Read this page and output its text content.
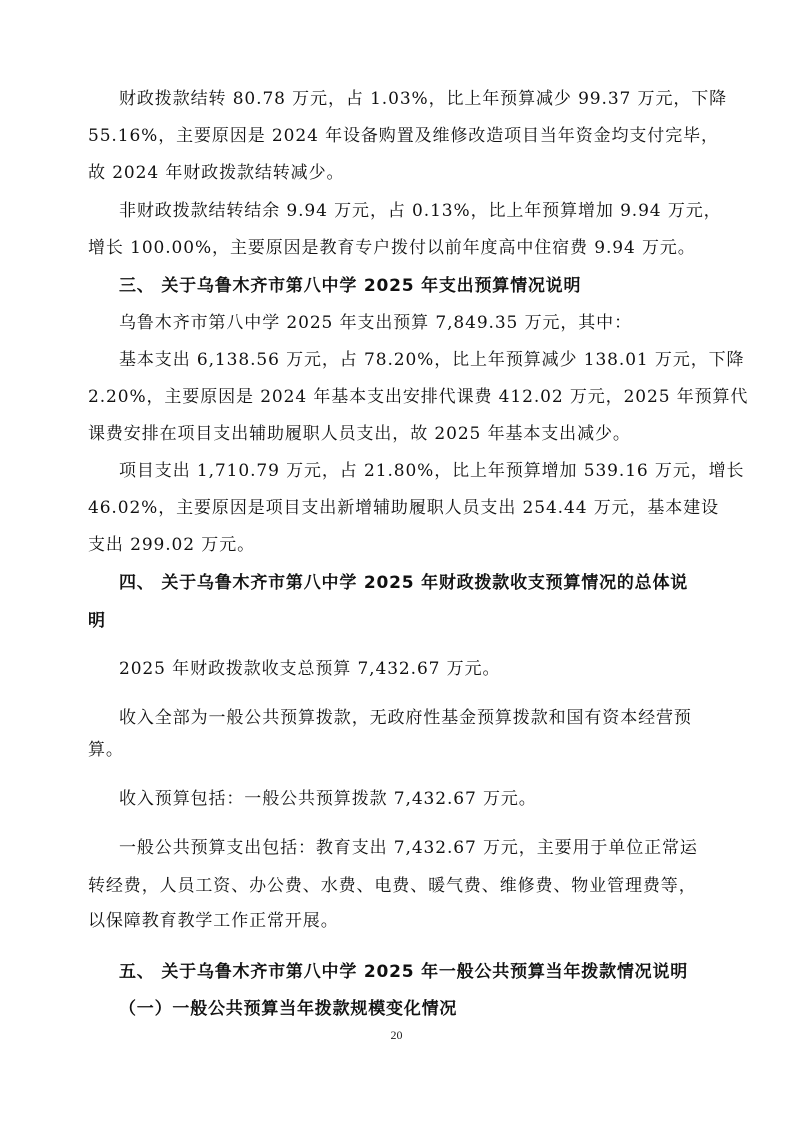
财政拨款结转 80.78 万元，占 1.03%，比上年预算减少 99.37 万元，下降
55.16%，主要原因是 2024 年设备购置及维修改造项目当年资金均支付完毕，
故 2024 年财政拨款结转减少。
非财政拨款结转结余 9.94 万元，占 0.13%，比上年预算增加 9.94 万元，
增长 100.00%，主要原因是教育专户拨付以前年度高中住宿费 9.94 万元。
三、 关于乌鲁木齐市第八中学 2025 年支出预算情况说明
乌鲁木齐市第八中学 2025 年支出预算 7,849.35 万元，其中：
基本支出 6,138.56 万元，占 78.20%，比上年预算减少 138.01 万元，下降
2.20%，主要原因是 2024 年基本支出安排代课费 412.02 万元，2025 年预算代
课费安排在项目支出辅助履职人员支出，故 2025 年基本支出减少。
项目支出 1,710.79 万元，占 21.80%，比上年预算增加 539.16 万元，增长
46.02%，主要原因是项目支出新增辅助履职人员支出 254.44 万元，基本建设
支出 299.02 万元。
四、 关于乌鲁木齐市第八中学 2025 年财政拨款收支预算情况的总体说
明
2025 年财政拨款收支总预算 7,432.67 万元。
收入全部为一般公共预算拨款，无政府性基金预算拨款和国有资本经营预
算。
收入预算包括：一般公共预算拨款 7,432.67 万元。
一般公共预算支出包括：教育支出 7,432.67 万元，主要用于单位正常运
转经费，人员工资、办公费、水费、电费、暖气费、维修费、物业管理费等，
以保障教育教学工作正常开展。
五、 关于乌鲁木齐市第八中学 2025 年一般公共预算当年拨款情况说明
（一）一般公共预算当年拨款规模变化情况
20
